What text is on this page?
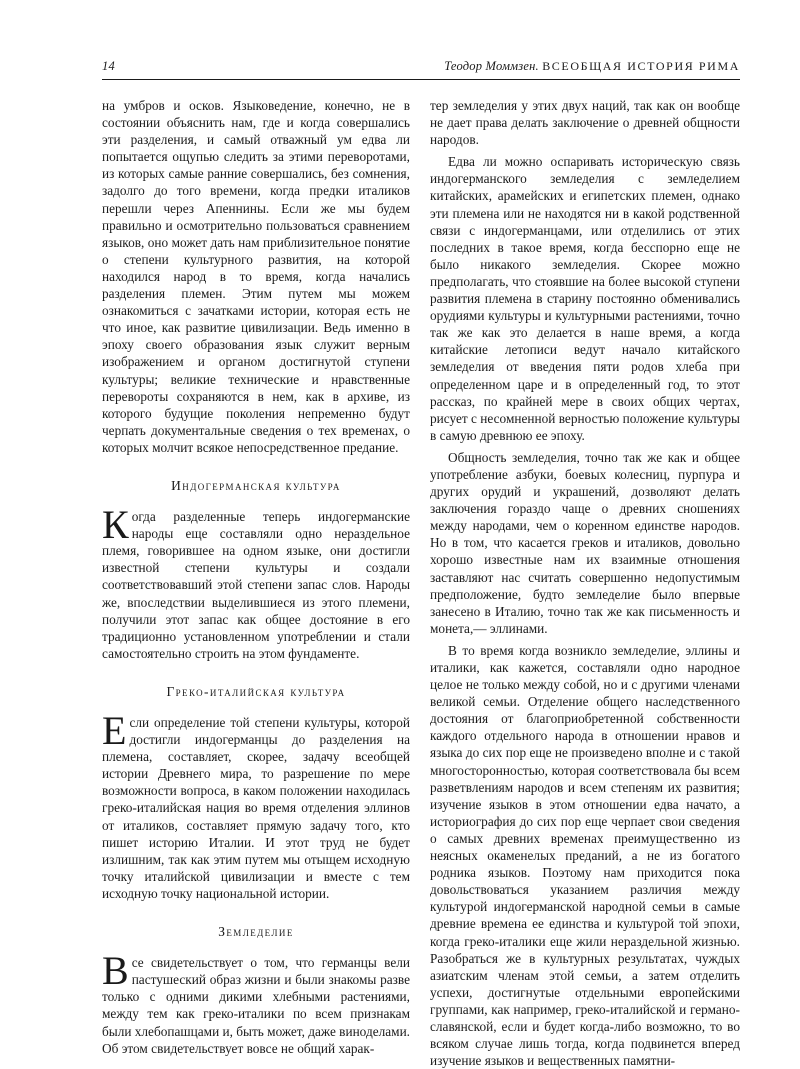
14	Теодор Моммзен. ВСЕОБЩАЯ ИСТОРИЯ РИМА

на умбров и осков. Языковедение, конечно, не в состоянии объяснить нам, где и когда совершались эти разделения, и самый отважный ум едва ли попытается ощупью следить за этими переворотами, из которых самые ранние совершались, без сомнения, задолго до того времени, когда предки италиков перешли через Апеннины. Если же мы будем правильно и осмотрительно пользоваться сравнением языков, оно может дать нам приблизительное понятие о степени культурного развития, на которой находился народ в то время, когда начались разделения племен. Этим путем мы можем ознакомиться с зачатками истории, которая есть не что иное, как развитие цивилизации. Ведь именно в эпоху своего образования язык служит верным изображением и органом достигнутой ступени культуры; великие технические и нравственные перевороты сохраняются в нем, как в архиве, из которого будущие поколения непременно будут черпать документальные сведения о тех временах, о которых молчит всякое непосредственное предание.

Индогерманская культура

Когда разделенные теперь индогерманские народы еще составляли одно нераздельное племя, говорившее на одном языке, они достигли известной степени культуры и создали соответствовавший этой степени запас слов. Народы же, впоследствии выделившиеся из этого племени, получили этот запас как общее достояние в его традиционно установленном употреблении и стали самостоятельно строить на этом фундаменте.

Греко-италийская культура

Если определение той степени культуры, которой достигли индогерманцы до разделения на племена, составляет, скорее, задачу всеобщей истории Древнего мира, то разрешение по мере возможности вопроса, в каком положении находилась греко-италийская нация во время отделения эллинов от италиков, составляет прямую задачу того, кто пишет историю Италии. И этот труд не будет излишним, так как этим путем мы отыщем исходную точку италийской цивилизации и вместе с тем исходную точку национальной истории.

Земледелие

Все свидетельствует о том, что германцы вели пастушеский образ жизни и были знакомы разве только с одними дикими хлебными растениями, между тем как греко-италики по всем признакам были хлебопашцами и, быть может, даже виноделами. Об этом свидетельствует вовсе не общий харак-

тер земледелия у этих двух наций, так как он вообще не дает права делать заключение о древней общности народов.

Едва ли можно оспаривать историческую связь индогерманского земледелия с земледелием китайских, арамейских и египетских племен, однако эти племена или не находятся ни в какой родственной связи с индогерманцами, или отделились от этих последних в такое время, когда бесспорно еще не было никакого земледелия. Скорее можно предполагать, что стоявшие на более высокой ступени развития племена в старину постоянно обменивались орудиями культуры и культурными растениями, точно так же как это делается в наше время, а когда китайские летописи ведут начало китайского земледелия от введения пяти родов хлеба при определенном царе и в определенный год, то этот рассказ, по крайней мере в своих общих чертах, рисует с несомненной верностью положение культуры в самую древнюю ее эпоху.

Общность земледелия, точно так же как и общее употребление азбуки, боевых колесниц, пурпура и других орудий и украшений, дозволяют делать заключения гораздо чаще о древних сношениях между народами, чем о коренном единстве народов. Но в том, что касается греков и италиков, довольно хорошо известные нам их взаимные отношения заставляют нас считать совершенно недопустимым предположение, будто земледелие было впервые занесено в Италию, точно так же как письменность и монета,— эллинами.

В то время когда возникло земледелие, эллины и италики, как кажется, составляли одно народное целое не только между собой, но и с другими членами великой семьи. Отделение общего наследственного достояния от благоприобретенной собственности каждого отдельного народа в отношении нравов и языка до сих пор еще не произведено вполне и с такой многосторонностью, которая соответствовала бы всем разветвлениям народов и всем степеням их развития; изучение языков в этом отношении едва начато, а историография до сих пор еще черпает свои сведения о самых древних временах преимущественно из неясных окаменелых преданий, а не из богатого родника языков. Поэтому нам приходится пока довольствоваться указанием различия между культурой индогерманской народной семьи в самые древние времена ее единства и культурой той эпохи, когда греко-италики еще жили нераздельной жизнью. Разобраться же в культурных результатах, чуждых азиатским членам этой семьи, а затем отделить успехи, достигнутые отдельными европейскими группами, как например, греко-италийской и германо-славянской, если и будет когда-либо возможно, то во всяком случае лишь тогда, когда подвинется вперед изучение языков и вещественных памятни-
